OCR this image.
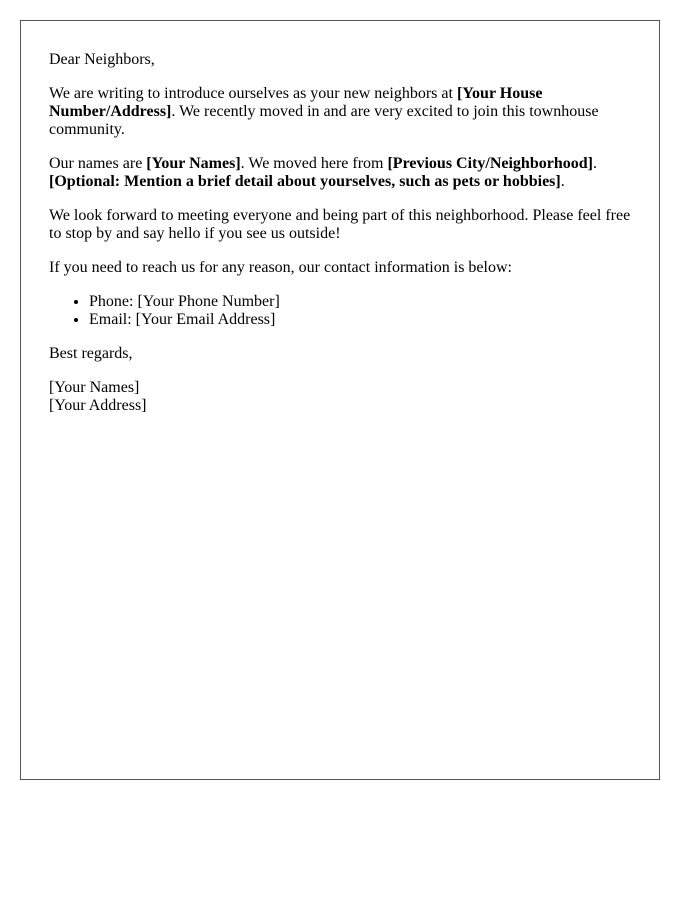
Dear Neighbors,

We are writing to introduce ourselves as your new neighbors at [Your House Number/Address]. We recently moved in and are very excited to join this townhouse community.

Our names are [Your Names]. We moved here from [Previous City/Neighborhood]. [Optional: Mention a brief detail about yourselves, such as pets or hobbies].

We look forward to meeting everyone and being part of this neighborhood. Please feel free to stop by and say hello if you see us outside!

If you need to reach us for any reason, our contact information is below:

• Phone: [Your Phone Number]
• Email: [Your Email Address]

Best regards,

[Your Names]
[Your Address]
